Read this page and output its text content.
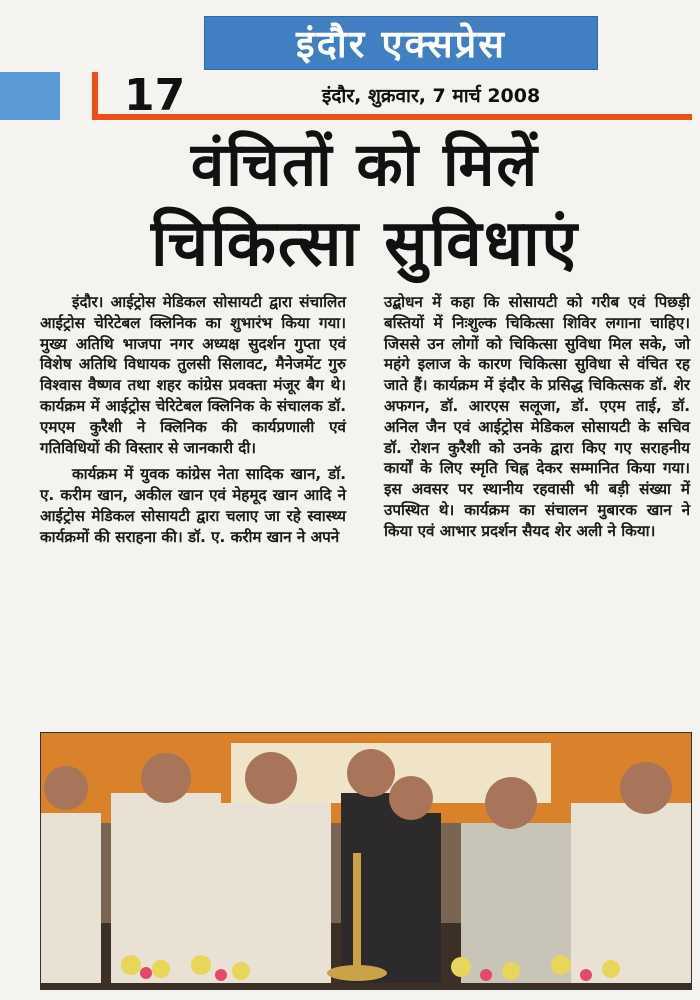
इंदौर एक्सप्रेस
17	इंदौर, शुक्रवार, 7 मार्च 2008
वंचितों को मिलें
चिकित्सा सुविधाएं

इंदौर। आईट्रोस मेडिकल सोसायटी द्वारा संचालित आईट्रोस चेरिटेबल क्लिनिक का शुभारंभ किया गया। मुख्य अतिथि भाजपा नगर अध्यक्ष सुदर्शन गुप्ता एवं विशेष अतिथि विधायक तुलसी सिलावट, मैनेजमेंट गुरु विश्वास वैष्णव तथा शहर कांग्रेस प्रवक्ता मंजूर बैग थे। कार्यक्रम में आईट्रोस चेरिटेबल क्लिनिक के संचालक डॉ. एमएम कुरैशी ने क्लिनिक की कार्यप्रणाली एवं गतिविधियों की विस्तार से जानकारी दी।

कार्यक्रम में युवक कांग्रेस नेता सादिक खान, डॉ. ए. करीम खान, अकील खान एवं मेहमूद खान आदि ने आईट्रोस मेडिकल सोसायटी द्वारा चलाए जा रहे स्वास्थ्य कार्यक्रमों की सराहना की। डॉ. ए. करीम खान ने अपने

उद्बोधन में कहा कि सोसायटी को गरीब एवं पिछड़ी बस्तियों में निःशुल्क चिकित्सा शिविर लगाना चाहिए। जिससे उन लोगों को चिकित्सा सुविधा मिल सके, जो महंगे इलाज के कारण चिकित्सा सुविधा से वंचित रह जाते हैं। कार्यक्रम में इंदौर के प्रसिद्ध चिकित्सक डॉ. शेर अफगन, डॉ. आरएस सलूजा, डॉ. एएम ताई, डॉ. अनिल जैन एवं आईट्रोस मेडिकल सोसायटी के सचिव डॉ. रोशन कुरैशी को उनके द्वारा किए गए सराहनीय कार्यों के लिए स्मृति चिह्न देकर सम्मानित किया गया। इस अवसर पर स्थानीय रहवासी भी बड़ी संख्या में उपस्थित थे। कार्यक्रम का संचालन मुबारक खान ने किया एवं आभार प्रदर्शन सैयद शेर अली ने किया।
